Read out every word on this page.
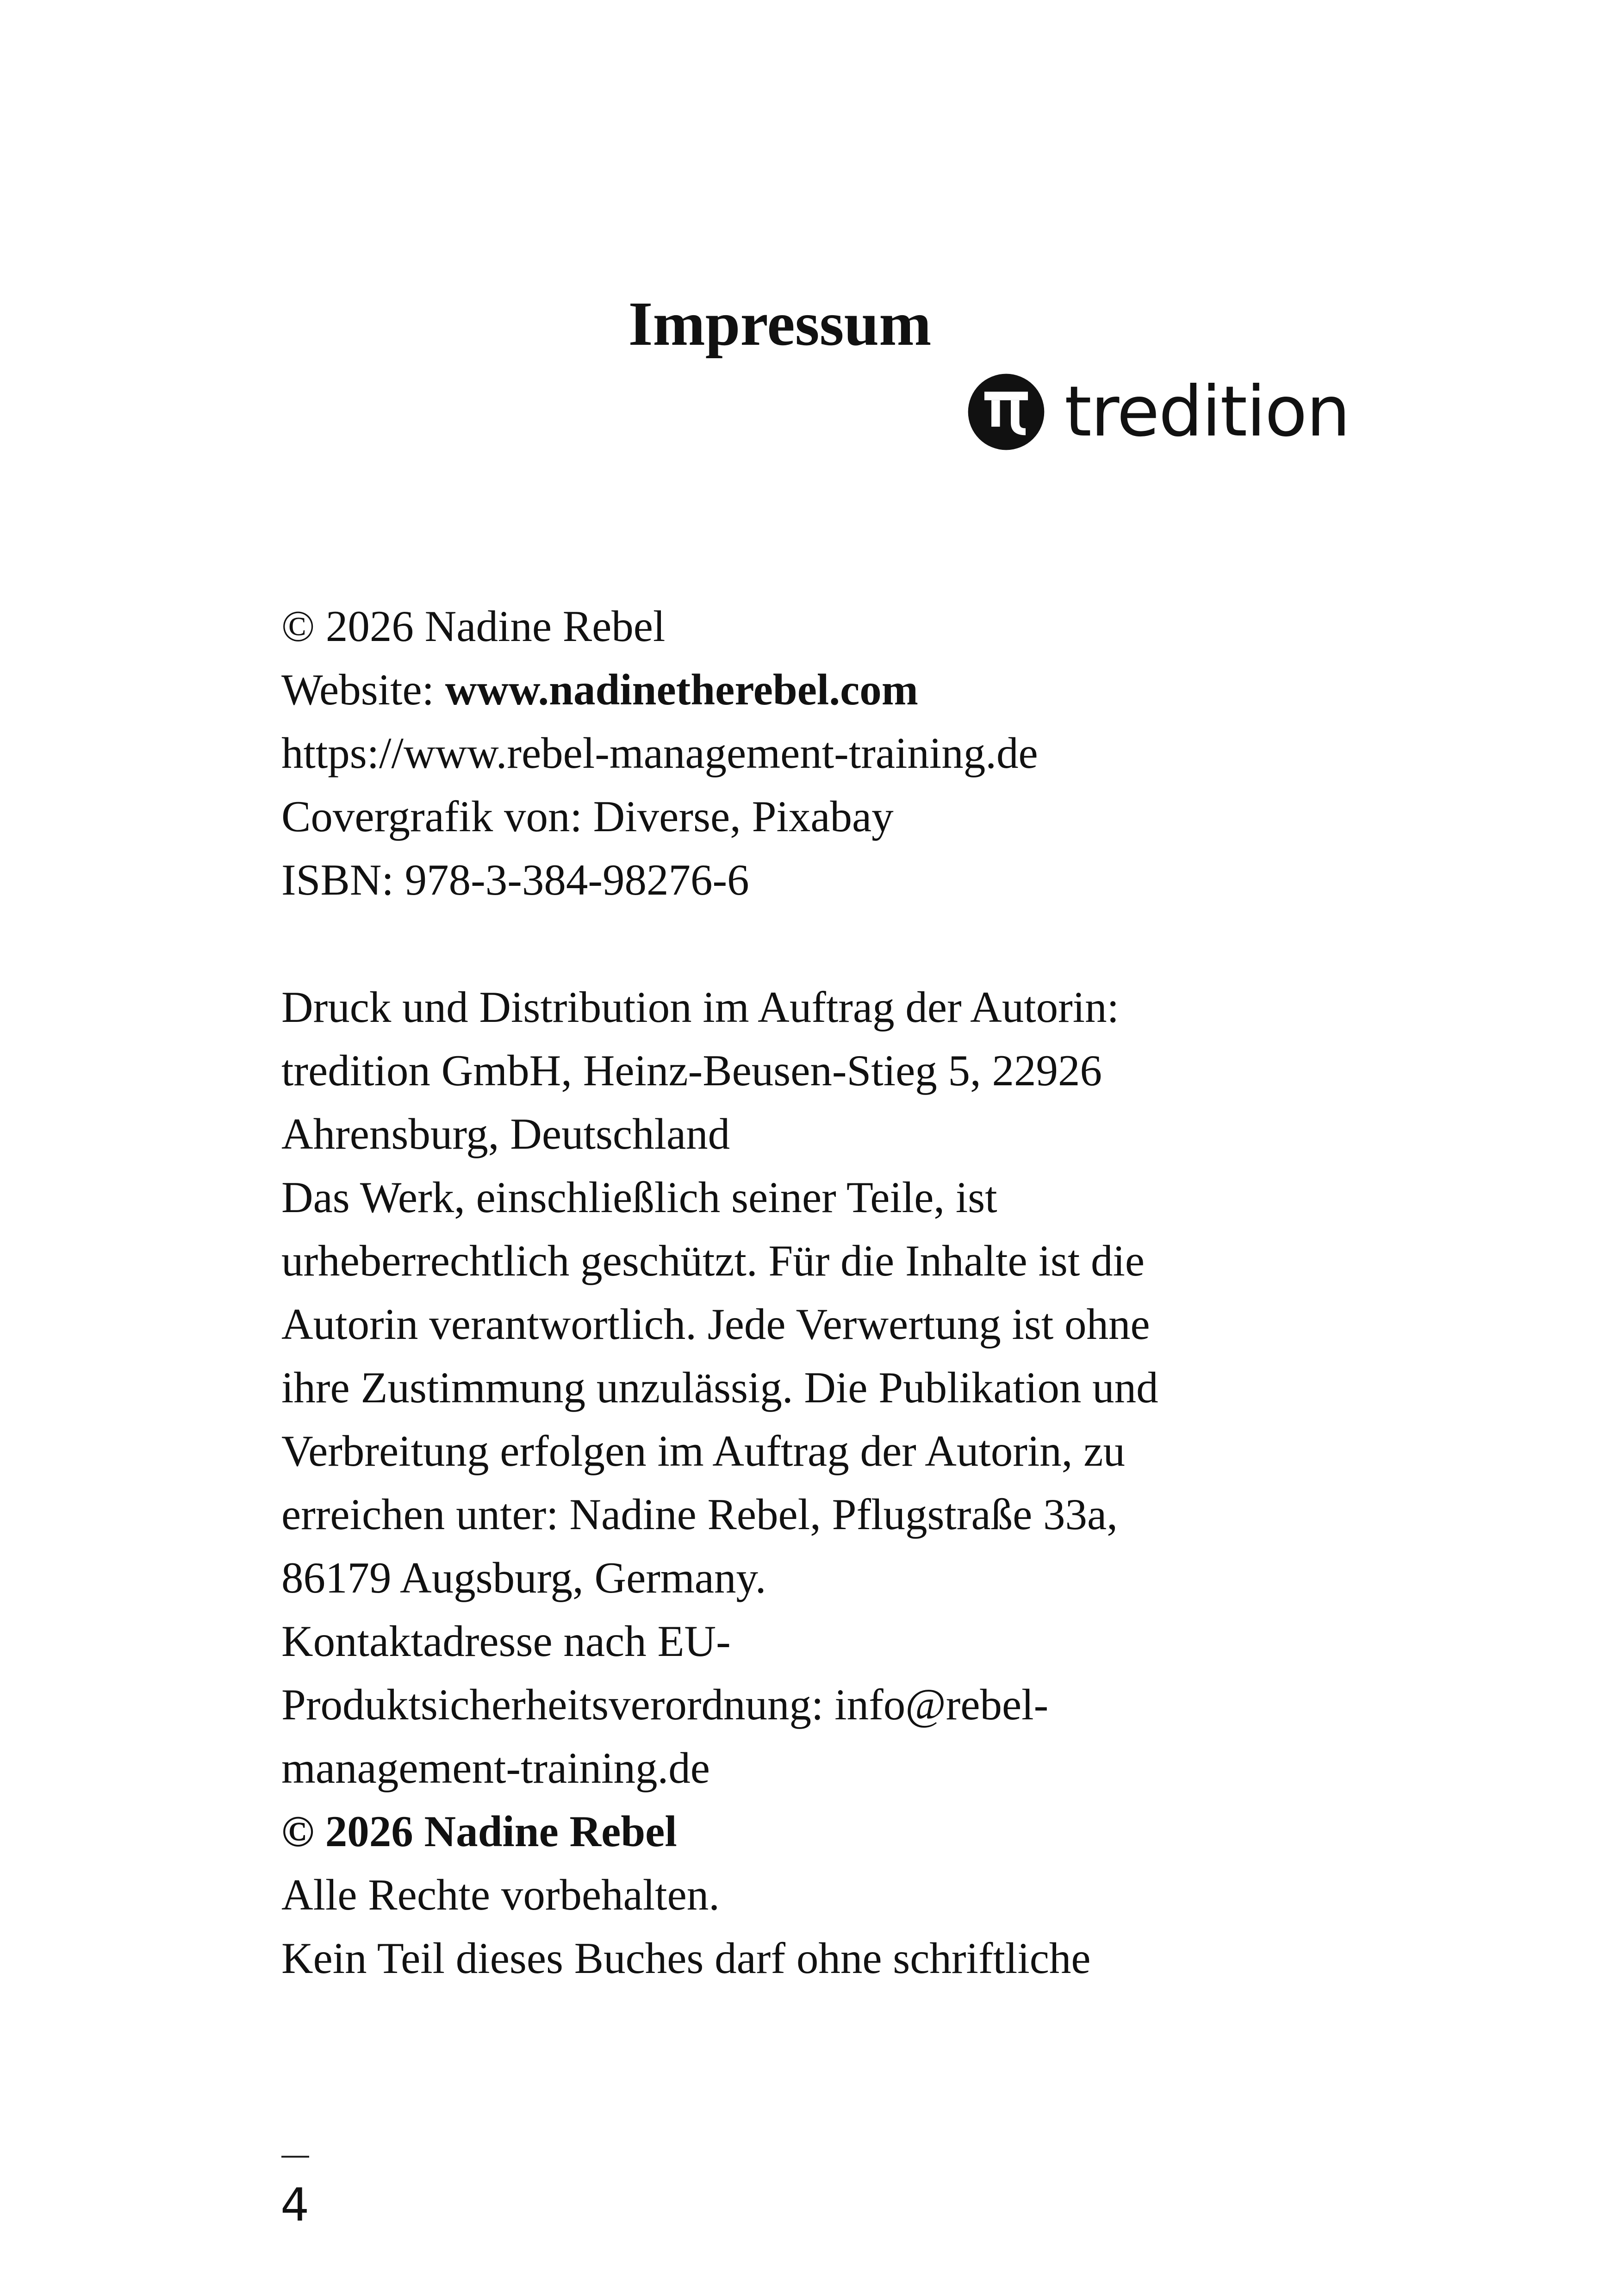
Impressum
tredition
© 2026 Nadine Rebel
Website: www.nadinetherebel.com
https://www.rebel-management-training.de
Covergrafik von: Diverse, Pixabay
ISBN: 978-3-384-98276-6
Druck und Distribution im Auftrag der Autorin:
tredition GmbH, Heinz-Beusen-Stieg 5, 22926
Ahrensburg, Deutschland
Das Werk, einschließlich seiner Teile, ist
urheberrechtlich geschützt. Für die Inhalte ist die
Autorin verantwortlich. Jede Verwertung ist ohne
ihre Zustimmung unzulässig. Die Publikation und
Verbreitung erfolgen im Auftrag der Autorin, zu
erreichen unter: Nadine Rebel, Pflugstraße 33a,
86179 Augsburg, Germany.
Kontaktadresse nach EU-
Produktsicherheitsverordnung: info@rebel-
management-training.de
© 2026 Nadine Rebel
Alle Rechte vorbehalten.
Kein Teil dieses Buches darf ohne schriftliche
4
